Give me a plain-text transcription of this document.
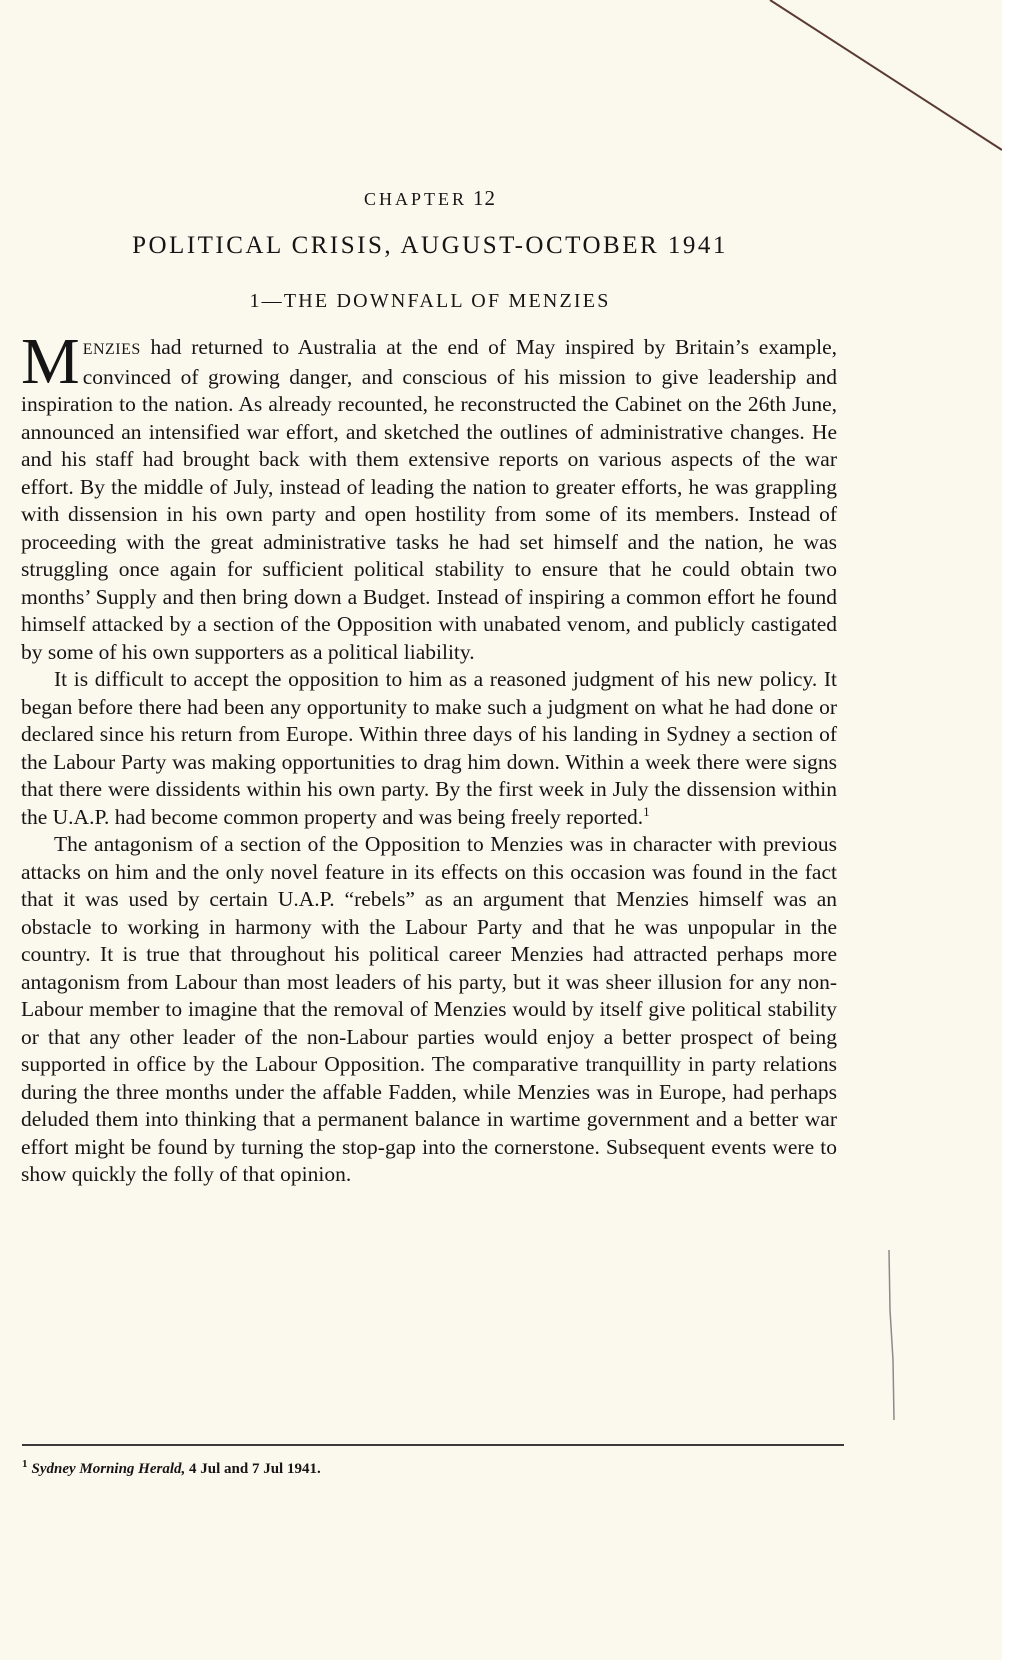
CHAPTER 12
POLITICAL CRISIS, AUGUST-OCTOBER 1941
1—THE DOWNFALL OF MENZIES

MENZIES had returned to Australia at the end of May inspired by Britain’s example, convinced of growing danger, and conscious of his mission to give leadership and inspiration to the nation. As already recounted, he reconstructed the Cabinet on the 26th June, announced an intensified war effort, and sketched the outlines of administrative changes. He and his staff had brought back with them extensive reports on various aspects of the war effort. By the middle of July, instead of leading the nation to greater efforts, he was grappling with dissension in his own party and open hostility from some of its members. Instead of proceeding with the great administrative tasks he had set himself and the nation, he was struggling once again for sufficient political stability to ensure that he could obtain two months’ Supply and then bring down a Budget. Instead of inspiring a common effort he found himself attacked by a section of the Opposition with unabated venom, and publicly castigated by some of his own supporters as a political liability.

It is difficult to accept the opposition to him as a reasoned judgment of his new policy. It began before there had been any opportunity to make such a judgment on what he had done or declared since his return from Europe. Within three days of his landing in Sydney a section of the Labour Party was making opportunities to drag him down. Within a week there were signs that there were dissidents within his own party. By the first week in July the dissension within the U.A.P. had become common property and was being freely reported.$^1$

The antagonism of a section of the Opposition to Menzies was in character with previous attacks on him and the only novel feature in its effects on this occasion was found in the fact that it was used by certain U.A.P. “rebels” as an argument that Menzies himself was an obstacle to working in harmony with the Labour Party and that he was unpopular in the country. It is true that throughout his political career Menzies had attracted perhaps more antagonism from Labour than most leaders of his party, but it was sheer illusion for any non-Labour member to imagine that the removal of Menzies would by itself give political stability or that any other leader of the non-Labour parties would enjoy a better prospect of being supported in office by the Labour Opposition. The comparative tranquillity in party relations during the three months under the affable Fadden, while Menzies was in Europe, had perhaps deluded them into thinking that a permanent balance in wartime government and a better war effort might be found by turning the stop-gap into the cornerstone. Subsequent events were to show quickly the folly of that opinion.

$^1$ Sydney Morning Herald, 4 Jul and 7 Jul 1941.
